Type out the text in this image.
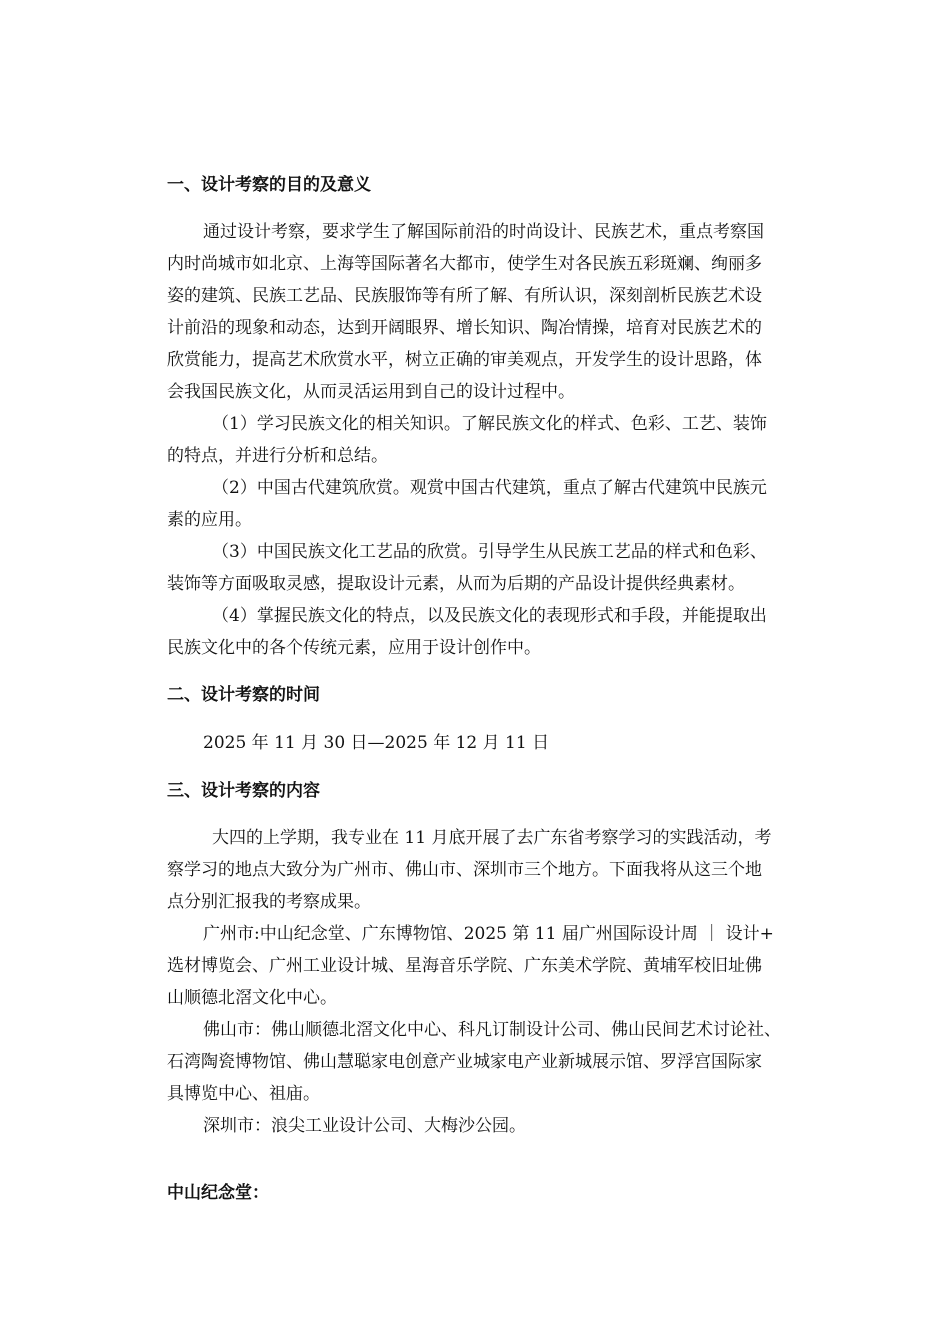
一、设计考察的目的及意义

通过设计考察，要求学生了解国际前沿的时尚设计、民族艺术，重点考察国

内时尚城市如北京、上海等国际著名大都市，使学生对各民族五彩斑斓、绚丽多

姿的建筑、民族工艺品、民族服饰等有所了解、有所认识，深刻剖析民族艺术设

计前沿的现象和动态，达到开阔眼界、增长知识、陶冶情操，培育对民族艺术的

欣赏能力，提高艺术欣赏水平，树立正确的审美观点，开发学生的设计思路，体

会我国民族文化，从而灵活运用到自己的设计过程中。

（1）学习民族文化的相关知识。了解民族文化的样式、色彩、工艺、装饰

的特点，并进行分析和总结。

（2）中国古代建筑欣赏。观赏中国古代建筑，重点了解古代建筑中民族元

素的应用。

（3）中国民族文化工艺品的欣赏。引导学生从民族工艺品的样式和色彩、

装饰等方面吸取灵感，提取设计元素，从而为后期的产品设计提供经典素材。

（4）掌握民族文化的特点，以及民族文化的表现形式和手段，并能提取出

民族文化中的各个传统元素，应用于设计创作中。

二、设计考察的时间

2025 年 11 月 30 日—2025 年 12 月 11 日

三、设计考察的内容

大四的上学期，我专业在 11 月底开展了去广东省考察学习的实践活动，考

察学习的地点大致分为广州市、佛山市、深圳市三个地方。下面我将从这三个地

点分别汇报我的考察成果。

广州市:中山纪念堂、广东博物馆、2025 第 11 届广州国际设计周 ｜ 设计+

选材博览会、广州工业设计城、星海音乐学院、广东美术学院、黄埔军校旧址佛

山顺德北滘文化中心。

佛山市：佛山顺德北滘文化中心、科凡订制设计公司、佛山民间艺术讨论社、

石湾陶瓷博物馆、佛山慧聪家电创意产业城家电产业新城展示馆、罗浮宫国际家

具博览中心、祖庙。

深圳市：浪尖工业设计公司、大梅沙公园。

中山纪念堂：
